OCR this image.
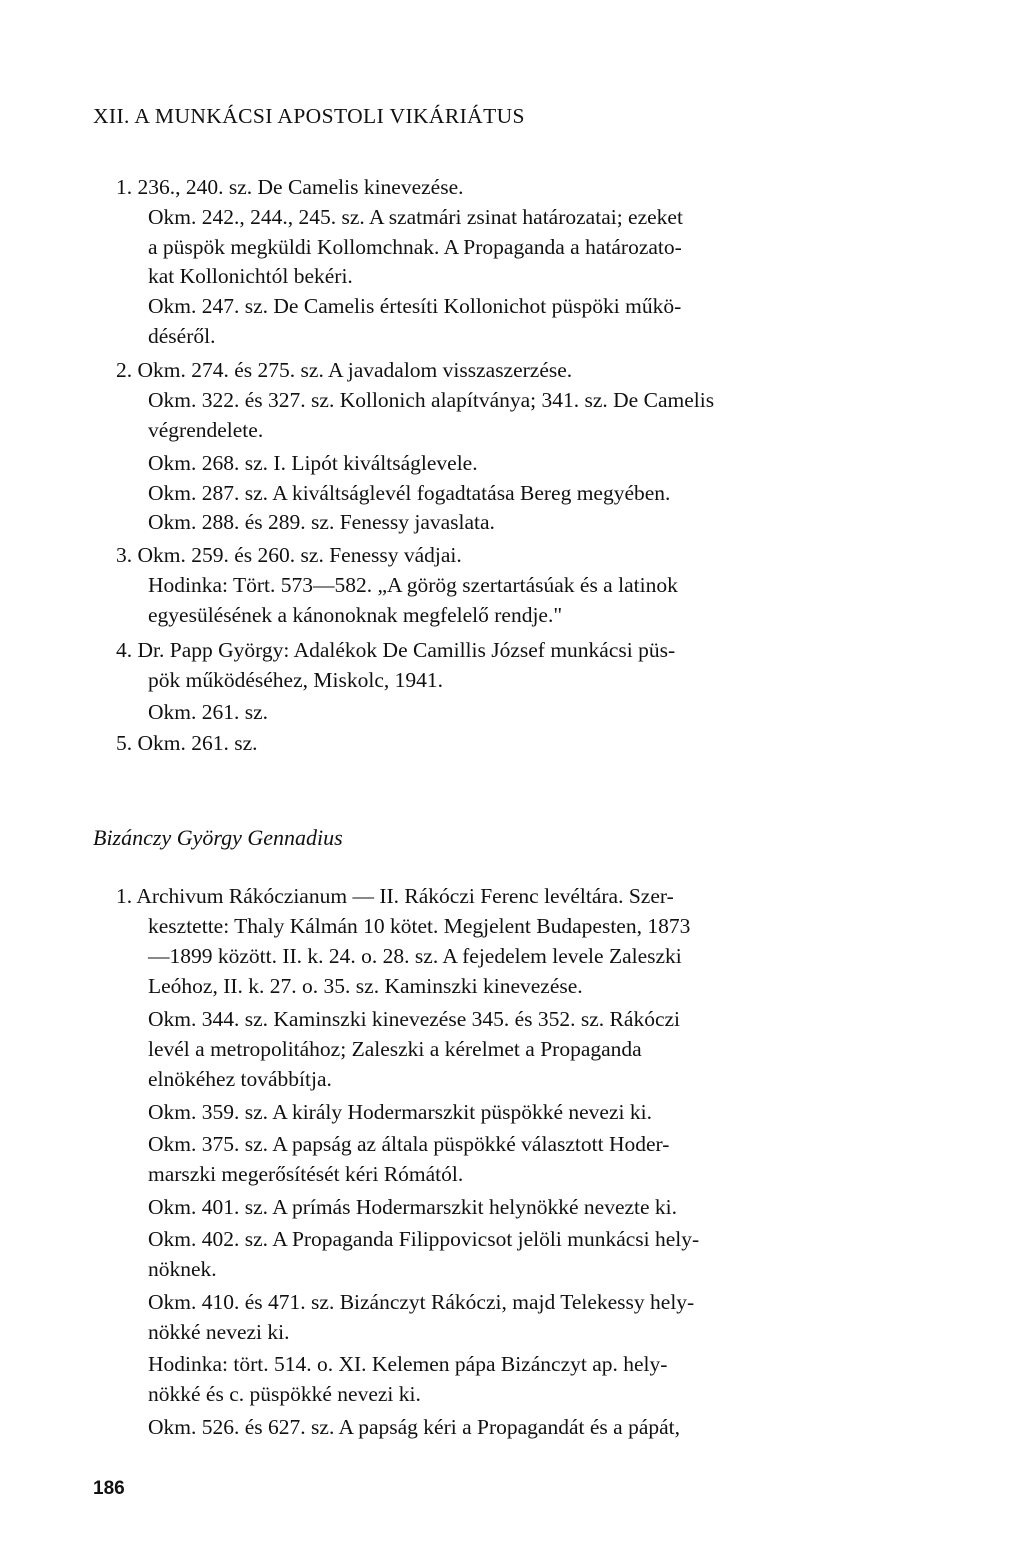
XII. A MUNKÁCSI APOSTOLI VIKÁRIÁTUS
1. 236., 240. sz. De Camelis kinevezése.
Okm. 242., 244., 245. sz. A szatmári zsinat határozatai; ezeket
a püspök megküldi Kollomchnak. A Propaganda a határozato-
kat Kollonichtól bekéri.
Okm. 247. sz. De Camelis értesíti Kollonichot püspöki műkö-
déséről.
2. Okm. 274. és 275. sz. A javadalom visszaszerzése.
Okm. 322. és 327. sz. Kollonich alapítványa; 341. sz. De Camelis
végrendelete.
Okm. 268. sz. I. Lipót kiváltságlevele.
Okm. 287. sz. A kiváltságlevél fogadtatása Bereg megyében.
Okm. 288. és 289. sz. Fenessy javaslata.
3. Okm. 259. és 260. sz. Fenessy vádjai.
Hodinka: Tört. 573—582. „A görög szertartásúak és a latinok
egyesülésének a kánonoknak megfelelő rendje."
4. Dr. Papp György: Adalékok De Camillis József munkácsi püs-
pök működéséhez, Miskolc, 1941.
Okm. 261. sz.
5. Okm. 261. sz.
Bizánczy György Gennadius
1. Archivum Rákóczianum — II. Rákóczi Ferenc levéltára. Szer-
kesztette: Thaly Kálmán 10 kötet. Megjelent Budapesten, 1873
—1899 között. II. k. 24. o. 28. sz. A fejedelem levele Zaleszki
Leóhoz, II. k. 27. o. 35. sz. Kaminszki kinevezése.
Okm. 344. sz. Kaminszki kinevezése 345. és 352. sz. Rákóczi
levél a metropolitához; Zaleszki a kérelmet a Propaganda
elnökéhez továbbítja.
Okm. 359. sz. A király Hodermarszkit püspökké nevezi ki.
Okm. 375. sz. A papság az általa püspökké választott Hoder-
marszki megerősítését kéri Rómától.
Okm. 401. sz. A prímás Hodermarszkit helynökké nevezte ki.
Okm. 402. sz. A Propaganda Filippovicsot jelöli munkácsi hely-
nöknek.
Okm. 410. és 471. sz. Bizánczyt Rákóczi, majd Telekessy hely-
nökké nevezi ki.
Hodinka: tört. 514. o. XI. Kelemen pápa Bizánczyt ap. hely-
nökké és c. püspökké nevezi ki.
Okm. 526. és 627. sz. A papság kéri a Propagandát és a pápát,
186
